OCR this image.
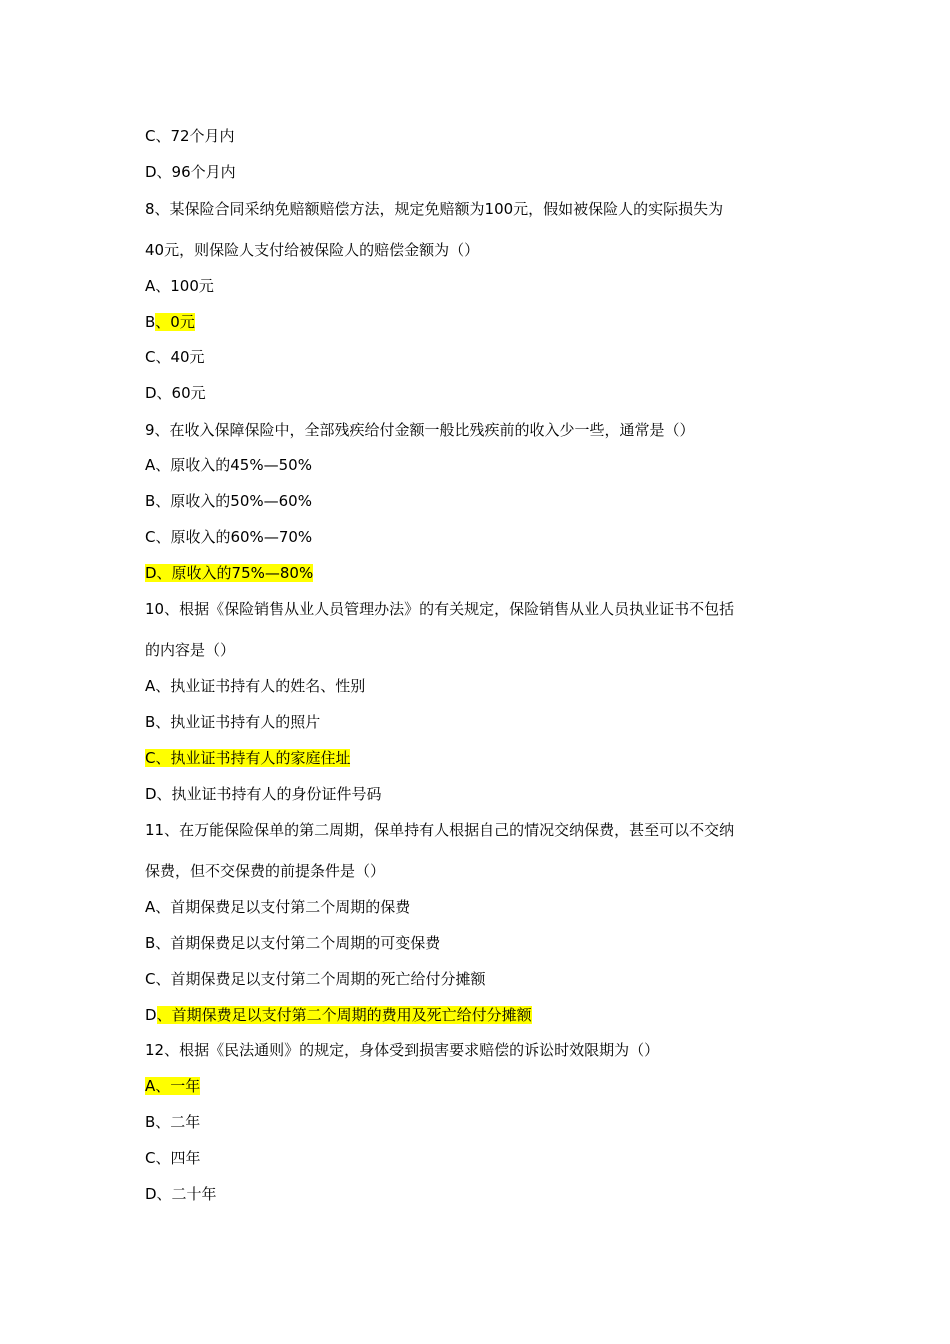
C、72个月内
D、96个月内
8、某保险合同采纳免赔额赔偿方法，规定免赔额为100元，假如被保险人的实际损失为
40元，则保险人支付给被保险人的赔偿金额为（）
A、100元
B、0元
C、40元
D、60元
9、在收入保障保险中，全部残疾给付金额一般比残疾前的收入少一些，通常是（）
A、原收入的45%—50%
B、原收入的50%—60%
C、原收入的60%—70%
D、原收入的75%—80%
10、根据《保险销售从业人员管理办法》的有关规定，保险销售从业人员执业证书不包括
的内容是（）
A、执业证书持有人的姓名、性别
B、执业证书持有人的照片
C、执业证书持有人的家庭住址
D、执业证书持有人的身份证件号码
11、在万能保险保单的第二周期，保单持有人根据自己的情况交纳保费，甚至可以不交纳
保费，但不交保费的前提条件是（）
A、首期保费足以支付第二个周期的保费
B、首期保费足以支付第二个周期的可变保费
C、首期保费足以支付第二个周期的死亡给付分摊额
D、首期保费足以支付第二个周期的费用及死亡给付分摊额
12、根据《民法通则》的规定，身体受到损害要求赔偿的诉讼时效限期为（）
A、一年
B、二年
C、四年
D、二十年
